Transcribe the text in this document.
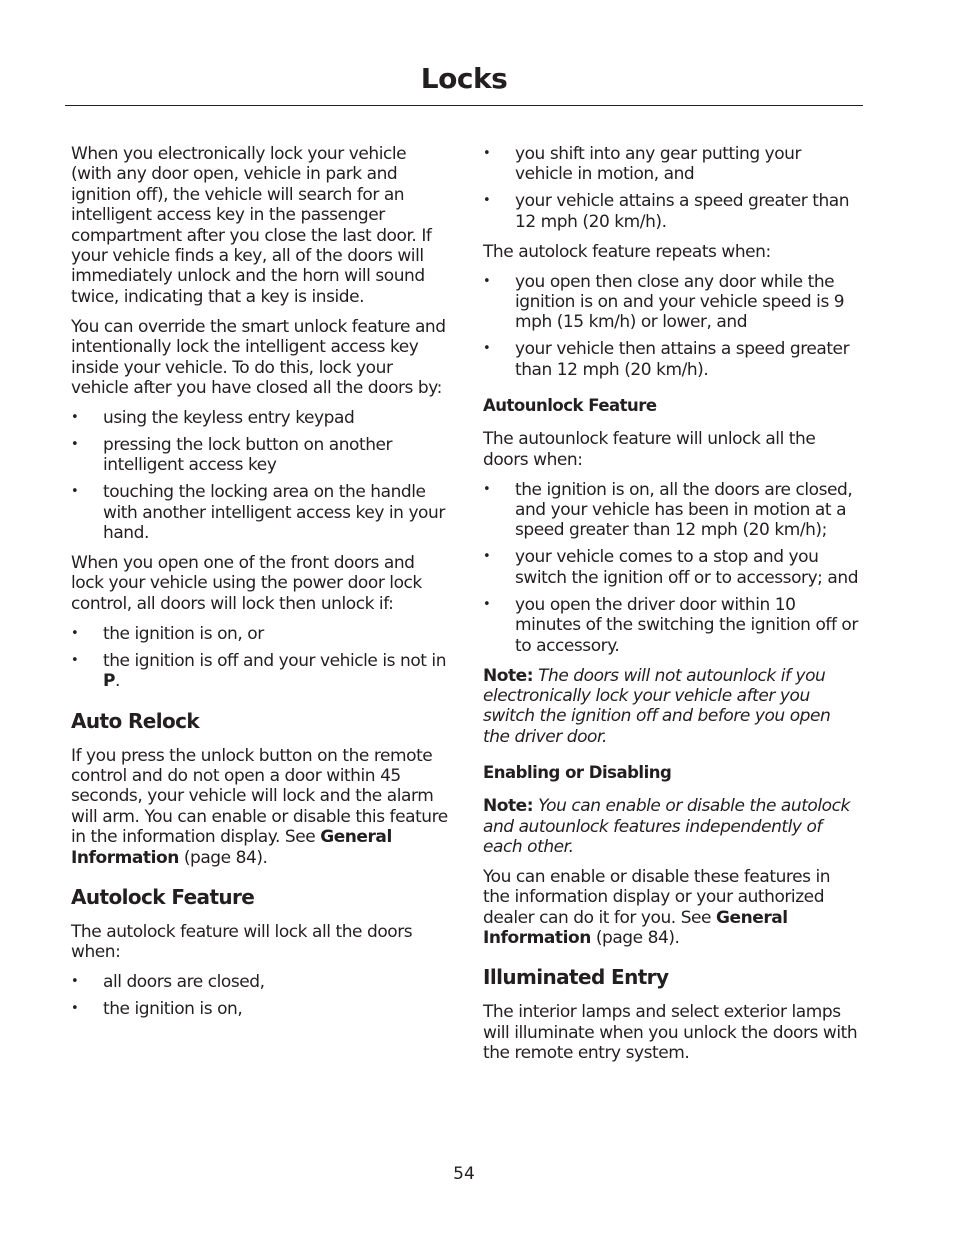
Locks

When you electronically lock your vehicle (with any door open, vehicle in park and ignition off), the vehicle will search for an intelligent access key in the passenger compartment after you close the last door. If your vehicle finds a key, all of the doors will immediately unlock and the horn will sound twice, indicating that a key is inside.

You can override the smart unlock feature and intentionally lock the intelligent access key inside your vehicle. To do this, lock your vehicle after you have closed all the doors by:

• using the keyless entry keypad
• pressing the lock button on another intelligent access key
• touching the locking area on the handle with another intelligent access key in your hand.

When you open one of the front doors and lock your vehicle using the power door lock control, all doors will lock then unlock if:

• the ignition is on, or
• the ignition is off and your vehicle is not in P.
Auto Relock

If you press the unlock button on the remote control and do not open a door within 45 seconds, your vehicle will lock and the alarm will arm. You can enable or disable this feature in the information display. See General Information (page 84).

Autolock Feature

The autolock feature will lock all the doors when:

• all doors are closed,
• the ignition is on,
• you shift into any gear putting your vehicle in motion, and
• your vehicle attains a speed greater than 12 mph (20 km/h).

The autolock feature repeats when:

• you open then close any door while the ignition is on and your vehicle speed is 9 mph (15 km/h) or lower, and
• your vehicle then attains a speed greater than 12 mph (20 km/h).
Autounlock Feature

The autounlock feature will unlock all the doors when:

• the ignition is on, all the doors are closed, and your vehicle has been in motion at a speed greater than 12 mph (20 km/h);
• your vehicle comes to a stop and you switch the ignition off or to accessory; and
• you open the driver door within 10 minutes of the switching the ignition off or to accessory.

Note: The doors will not autounlock if you electronically lock your vehicle after you switch the ignition off and before you open the driver door.

Enabling or Disabling

Note: You can enable or disable the autolock and autounlock features independently of each other.

You can enable or disable these features in the information display or your authorized dealer can do it for you. See General Information (page 84).

Illuminated Entry

The interior lamps and select exterior lamps will illuminate when you unlock the doors with the remote entry system.

54
